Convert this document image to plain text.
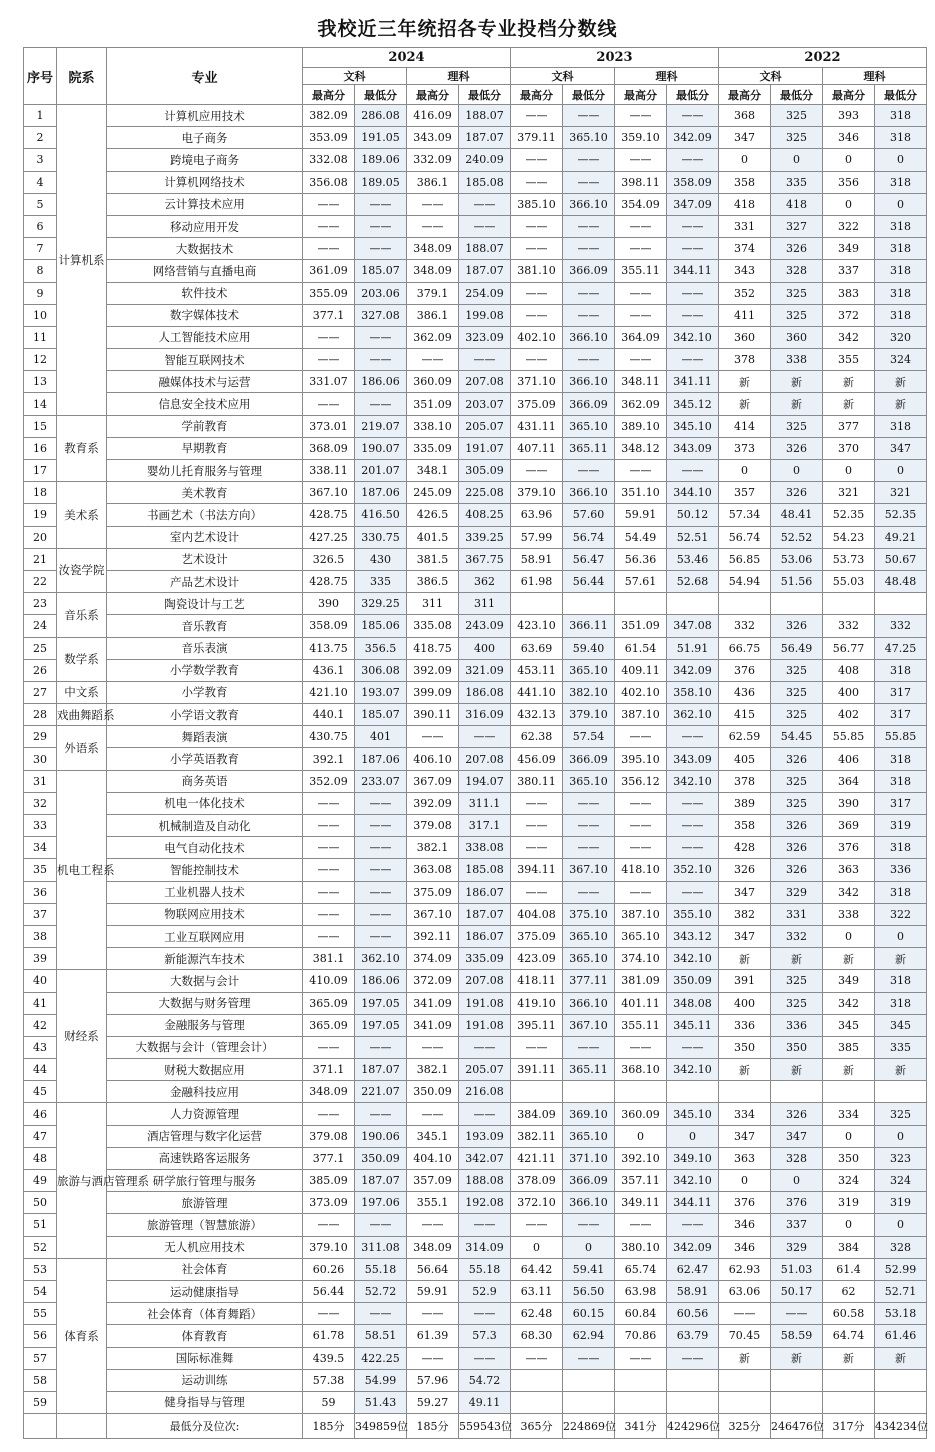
我校近三年统招各专业投档分数线
序号	院系	专业	2024				2023				2022			
			文科		理科		文科		理科		文科		理科	
			最高分	最低分	最高分	最低分	最高分	最低分	最高分	最低分	最高分	最低分	最高分	最低分
1	计算机系	计算机应用技术	382.09	286.08	416.09	188.07	——	——	——	——	368	325	393	318
2		电子商务	353.09	191.05	343.09	187.07	379.11	365.10	359.10	342.09	347	325	346	318
3		跨境电子商务	332.08	189.06	332.09	240.09	——	——	——	——	0	0	0	0
4		计算机网络技术	356.08	189.05	386.1	185.08	——	——	398.11	358.09	358	335	356	318
5		云计算技术应用	——	——	——	——	385.10	366.10	354.09	347.09	418	418	0	0
6		移动应用开发	——	——	——	——	——	——	——	——	331	327	322	318
7		大数据技术	——	——	348.09	188.07	——	——	——	——	374	326	349	318
8		网络营销与直播电商	361.09	185.07	348.09	187.07	381.10	366.09	355.11	344.11	343	328	337	318
9		软件技术	355.09	203.06	379.1	254.09	——	——	——	——	352	325	383	318
10		数字媒体技术	377.1	327.08	386.1	199.08	——	——	——	——	411	325	372	318
11		人工智能技术应用	——	——	362.09	323.09	402.10	366.10	364.09	342.10	360	360	342	320
12		智能互联网技术	——	——	——	——	——	——	——	——	378	338	355	324
13		融媒体技术与运营	331.07	186.06	360.09	207.08	371.10	366.10	348.11	341.11	新	新	新	新
14		信息安全技术应用	——	——	351.09	203.07	375.09	366.09	362.09	345.12	新	新	新	新
15	教育系	学前教育	373.01	219.07	338.10	205.07	431.11	365.10	389.10	345.10	414	325	377	318
16		早期教育	368.09	190.07	335.09	191.07	407.11	365.11	348.12	343.09	373	326	370	347
17		婴幼儿托育服务与管理	338.11	201.07	348.1	305.09	——	——	——	——	0	0	0	0
18	美术系	美术教育	367.10	187.06	245.09	225.08	379.10	366.10	351.10	344.10	357	326	321	321
19		书画艺术（书法方向）	428.75	416.50	426.5	408.25	63.96	57.60	59.91	50.12	57.34	48.41	52.35	52.35
20		室内艺术设计	427.25	330.75	401.5	339.25	57.99	56.74	54.49	52.51	56.74	52.52	54.23	49.21
21	汝瓷学院	艺术设计	326.5	430	381.5	367.75	58.91	56.47	56.36	53.46	56.85	53.06	53.73	50.67
22		产品艺术设计	428.75	335	386.5	362	61.98	56.44	57.61	52.68	54.94	51.56	55.03	48.48
23	音乐系	陶瓷设计与工艺	390	329.25	311	311								
24		音乐教育	358.09	185.06	335.08	243.09	423.10	366.11	351.09	347.08	332	326	332	332
25	数学系	音乐表演	413.75	356.5	418.75	400	63.69	59.40	61.54	51.91	66.75	56.49	56.77	47.25
26		小学数学教育	436.1	306.08	392.09	321.09	453.11	365.10	409.11	342.09	376	325	408	318
27	中文系	小学教育	421.10	193.07	399.09	186.08	441.10	382.10	402.10	358.10	436	325	400	317
28	戏曲舞蹈系	小学语文教育	440.1	185.07	390.11	316.09	432.13	379.10	387.10	362.10	415	325	402	317
29	外语系	舞蹈表演	430.75	401	——	——	62.38	57.54	——	——	62.59	54.45	55.85	55.85
30		小学英语教育	392.1	187.06	406.10	207.08	456.09	366.09	395.10	343.09	405	326	406	318
31	机电工程系	商务英语	352.09	233.07	367.09	194.07	380.11	365.10	356.12	342.10	378	325	364	318
32		机电一体化技术	——	——	392.09	311.1	——	——	——	——	389	325	390	317
33		机械制造及自动化	——	——	379.08	317.1	——	——	——	——	358	326	369	319
34		电气自动化技术	——	——	382.1	338.08	——	——	——	——	428	326	376	318
35		智能控制技术	——	——	363.08	185.08	394.11	367.10	418.10	352.10	326	326	363	336
36		工业机器人技术	——	——	375.09	186.07	——	——	——	——	347	329	342	318
37		物联网应用技术	——	——	367.10	187.07	404.08	375.10	387.10	355.10	382	331	338	322
38		工业互联网应用	——	——	392.11	186.07	375.09	365.10	365.10	343.12	347	332	0	0
39		新能源汽车技术	381.1	362.10	374.09	335.09	423.09	365.10	374.10	342.10	新	新	新	新
40	财经系	大数据与会计	410.09	186.06	372.09	207.08	418.11	377.11	381.09	350.09	391	325	349	318
41		大数据与财务管理	365.09	197.05	341.09	191.08	419.10	366.10	401.11	348.08	400	325	342	318
42		金融服务与管理	365.09	197.05	341.09	191.08	395.11	367.10	355.11	345.11	336	336	345	345
43		大数据与会计（管理会计）	——	——	——	——	——	——	——	——	350	350	385	335
44		财税大数据应用	371.1	187.07	382.1	205.07	391.11	365.11	368.10	342.10	新	新	新	新
45		金融科技应用	348.09	221.07	350.09	216.08								
46	旅游与酒店管理系	人力资源管理	——	——	——	——	384.09	369.10	360.09	345.10	334	326	334	325
47		酒店管理与数字化运营	379.08	190.06	345.1	193.09	382.11	365.10	0	0	347	347	0	0
48		高速铁路客运服务	377.1	350.09	404.10	342.07	421.11	371.10	392.10	349.10	363	328	350	323
49		研学旅行管理与服务	385.09	187.07	357.09	188.08	378.09	366.09	357.11	342.10	0	0	324	324
50		旅游管理	373.09	197.06	355.1	192.08	372.10	366.10	349.11	344.11	376	376	319	319
51		旅游管理（智慧旅游）	——	——	——	——	——	——	——	——	346	337	0	0
52		无人机应用技术	379.10	311.08	348.09	314.09	0	0	380.10	342.09	346	329	384	328
53	体育系	社会体育	60.26	55.18	56.64	55.18	64.42	59.41	65.74	62.47	62.93	51.03	61.4	52.99
54		运动健康指导	56.44	52.72	59.91	52.9	63.11	56.50	63.98	58.91	63.06	50.17	62	52.71
55		社会体育（体育舞蹈）	——	——	——	——	62.48	60.15	60.84	60.56	——	——	60.58	53.18
56		体育教育	61.78	58.51	61.39	57.3	68.30	62.94	70.86	63.79	70.45	58.59	64.74	61.46
57		国际标准舞	439.5	422.25	——	——	——	——	——	——	新	新	新	新
58		运动训练	57.38	54.99	57.96	54.72								
59		健身指导与管理	59	51.43	59.27	49.11								
		最低分及位次:	185分	349859位	185分	559543位	365分	224869位	341分	424296位	325分	246476位	317分	434234位
